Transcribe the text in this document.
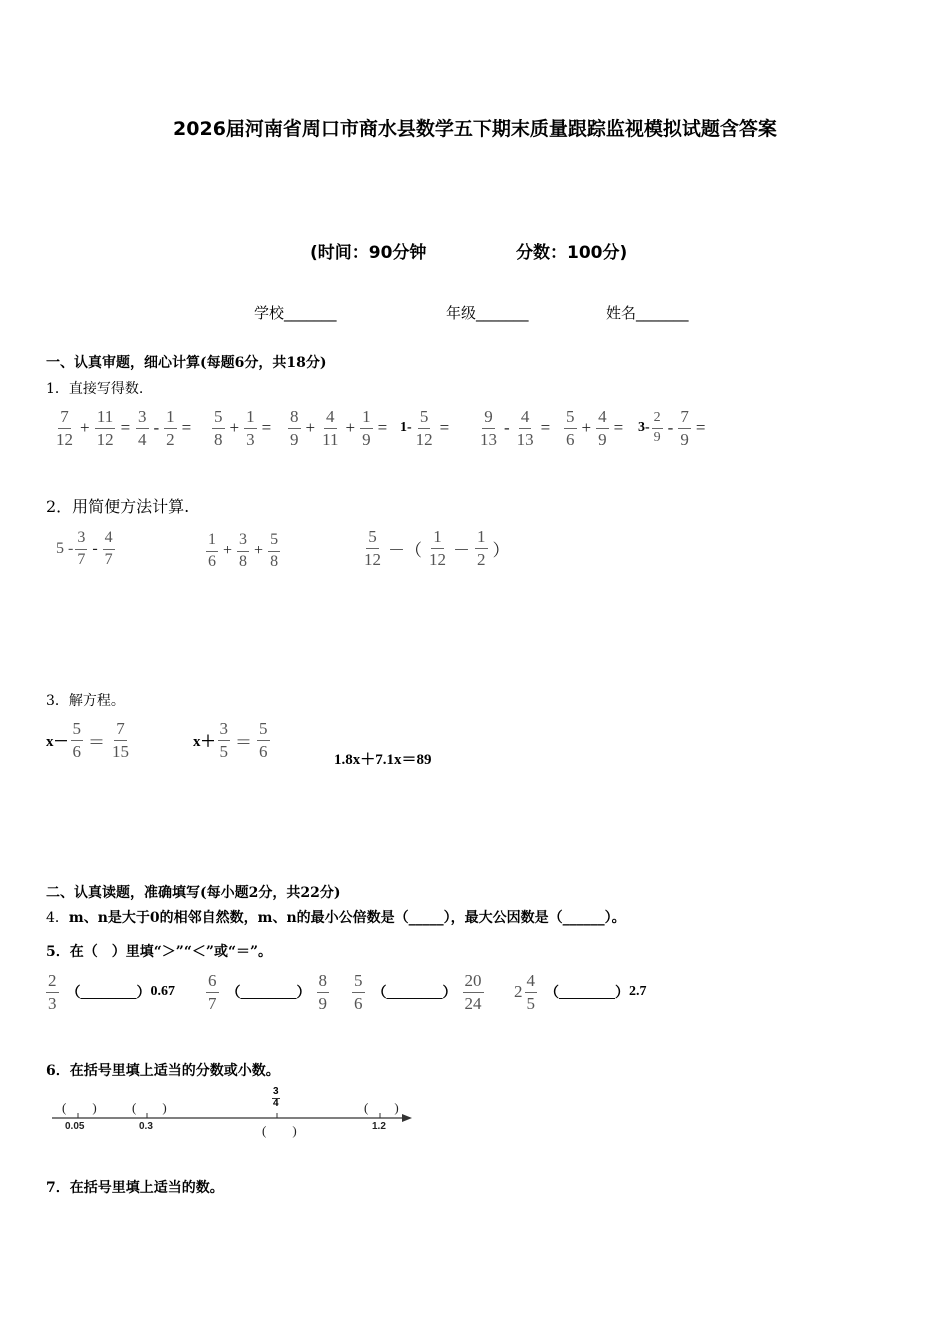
2026届河南省周口市商水县数学五下期末质量跟踪监视模拟试题含答案
(时间：90分钟	分数：100分)
学校_______	年级_______	姓名_______
一、认真审题，细心计算(每题6分，共18分)
1．直接写得数.
$\frac{7}{12} + \frac{11}{12} = \frac{3}{4} - \frac{1}{2} = \frac{5}{8} + \frac{1}{3} = \frac{8}{9} + \frac{4}{11} + \frac{1}{9} = 1- \frac{5}{12} = \frac{9}{13} - \frac{4}{13} = \frac{5}{6} + \frac{4}{9} = 3- \frac{2}{9} - \frac{7}{9}$ =
2．用简便方法计算.
$5 - \frac{3}{7} - \frac{4}{7}$	$\frac{1}{6} + \frac{3}{8} + \frac{5}{8}$	$\frac{5}{12}$ －（ $\frac{1}{12} - \frac{1}{2}$ ）
3．解方程。
$x- \frac{5}{6} = \frac{7}{15}$	$x+ \frac{3}{5} = \frac{5}{6}$	1.8x＋7.1x＝89
二、认真读题，准确填写(每小题2分，共22分)
4．m、n是大于0的相邻自然数，m、n的最小公倍数是（_____），最大公因数是（______）。
5．在（　）里填“＞”“＜”或“＝”。
$\frac{2}{3}$ （________） $0.67 \frac{6}{7}$ （________） $\frac{8}{9} \frac{5}{6}$ （________） $\frac{20}{24} 2 \frac{4}{5}$ （________） 2.7
6．在括号里填上适当的分数或小数。
(　　)	(　　)	(　　)
(　　)
0.05	0.3	1.2
3
4
7．在括号里填上适当的数。
